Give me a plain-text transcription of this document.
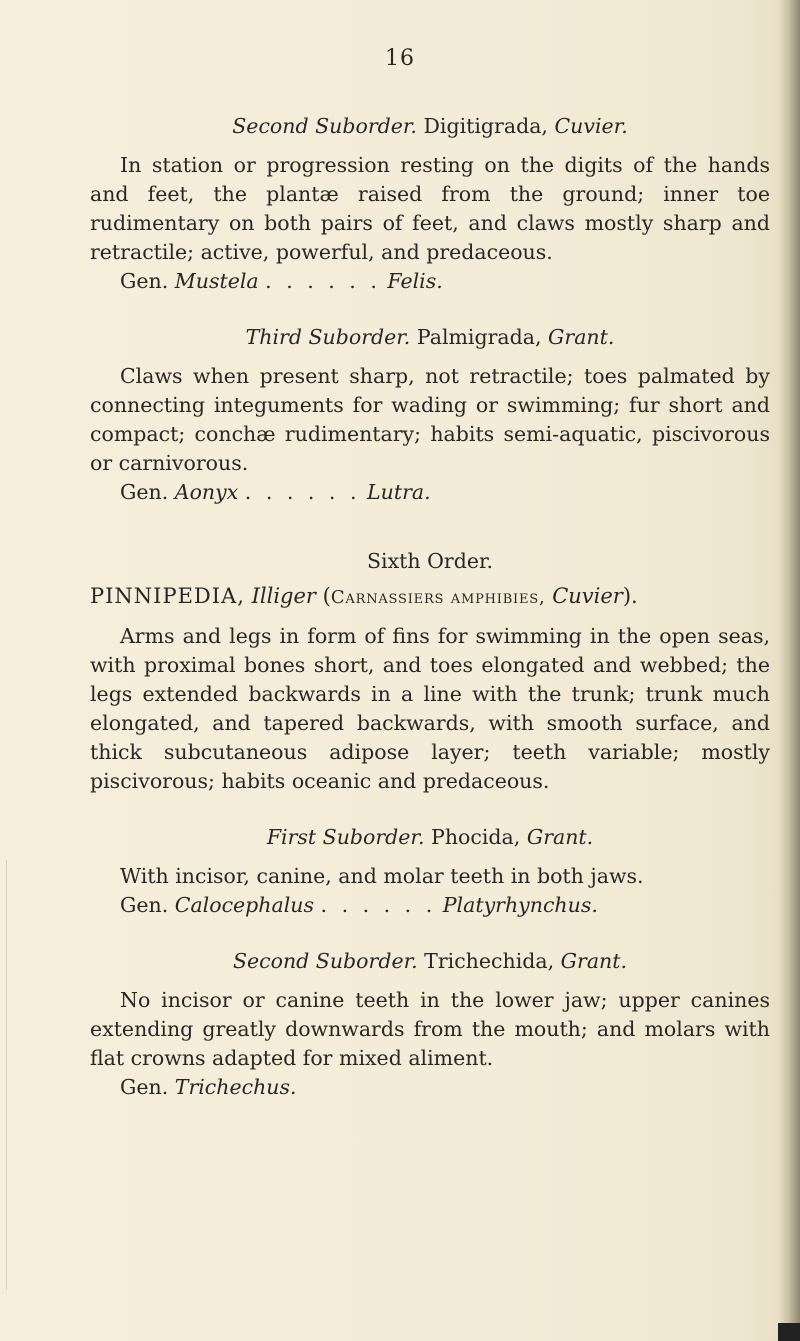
16

Second Suborder. Digitigrada, Cuvier.

In station or progression resting on the digits of the hands and feet, the plantæ raised from the ground; inner toe rudimentary on both pairs of feet, and claws mostly sharp and retractile; active, powerful, and predaceous.

Gen. Mustela . . . . . . Felis.

Third Suborder. Palmigrada, Grant.

Claws when present sharp, not retractile; toes palmated by connecting integuments for wading or swimming; fur short and compact; conchæ rudimentary; habits semi-aquatic, piscivorous or carnivorous.

Gen. Aonyx . . . . . . Lutra.

Sixth Order.

PINNIPEDIA, Illiger (Carnassiers amphibies, Cuvier).

Arms and legs in form of fins for swimming in the open seas, with proximal bones short, and toes elongated and webbed; the legs extended backwards in a line with the trunk; trunk much elongated, and tapered backwards, with smooth surface, and thick subcutaneous adipose layer; teeth variable; mostly piscivorous; habits oceanic and predaceous.

First Suborder. Phocida, Grant.

With incisor, canine, and molar teeth in both jaws.

Gen. Calocephalus . . . . . . Platyrhynchus.

Second Suborder. Trichechida, Grant.

No incisor or canine teeth in the lower jaw; upper canines extending greatly downwards from the mouth; and molars with flat crowns adapted for mixed aliment.

Gen. Trichechus.
